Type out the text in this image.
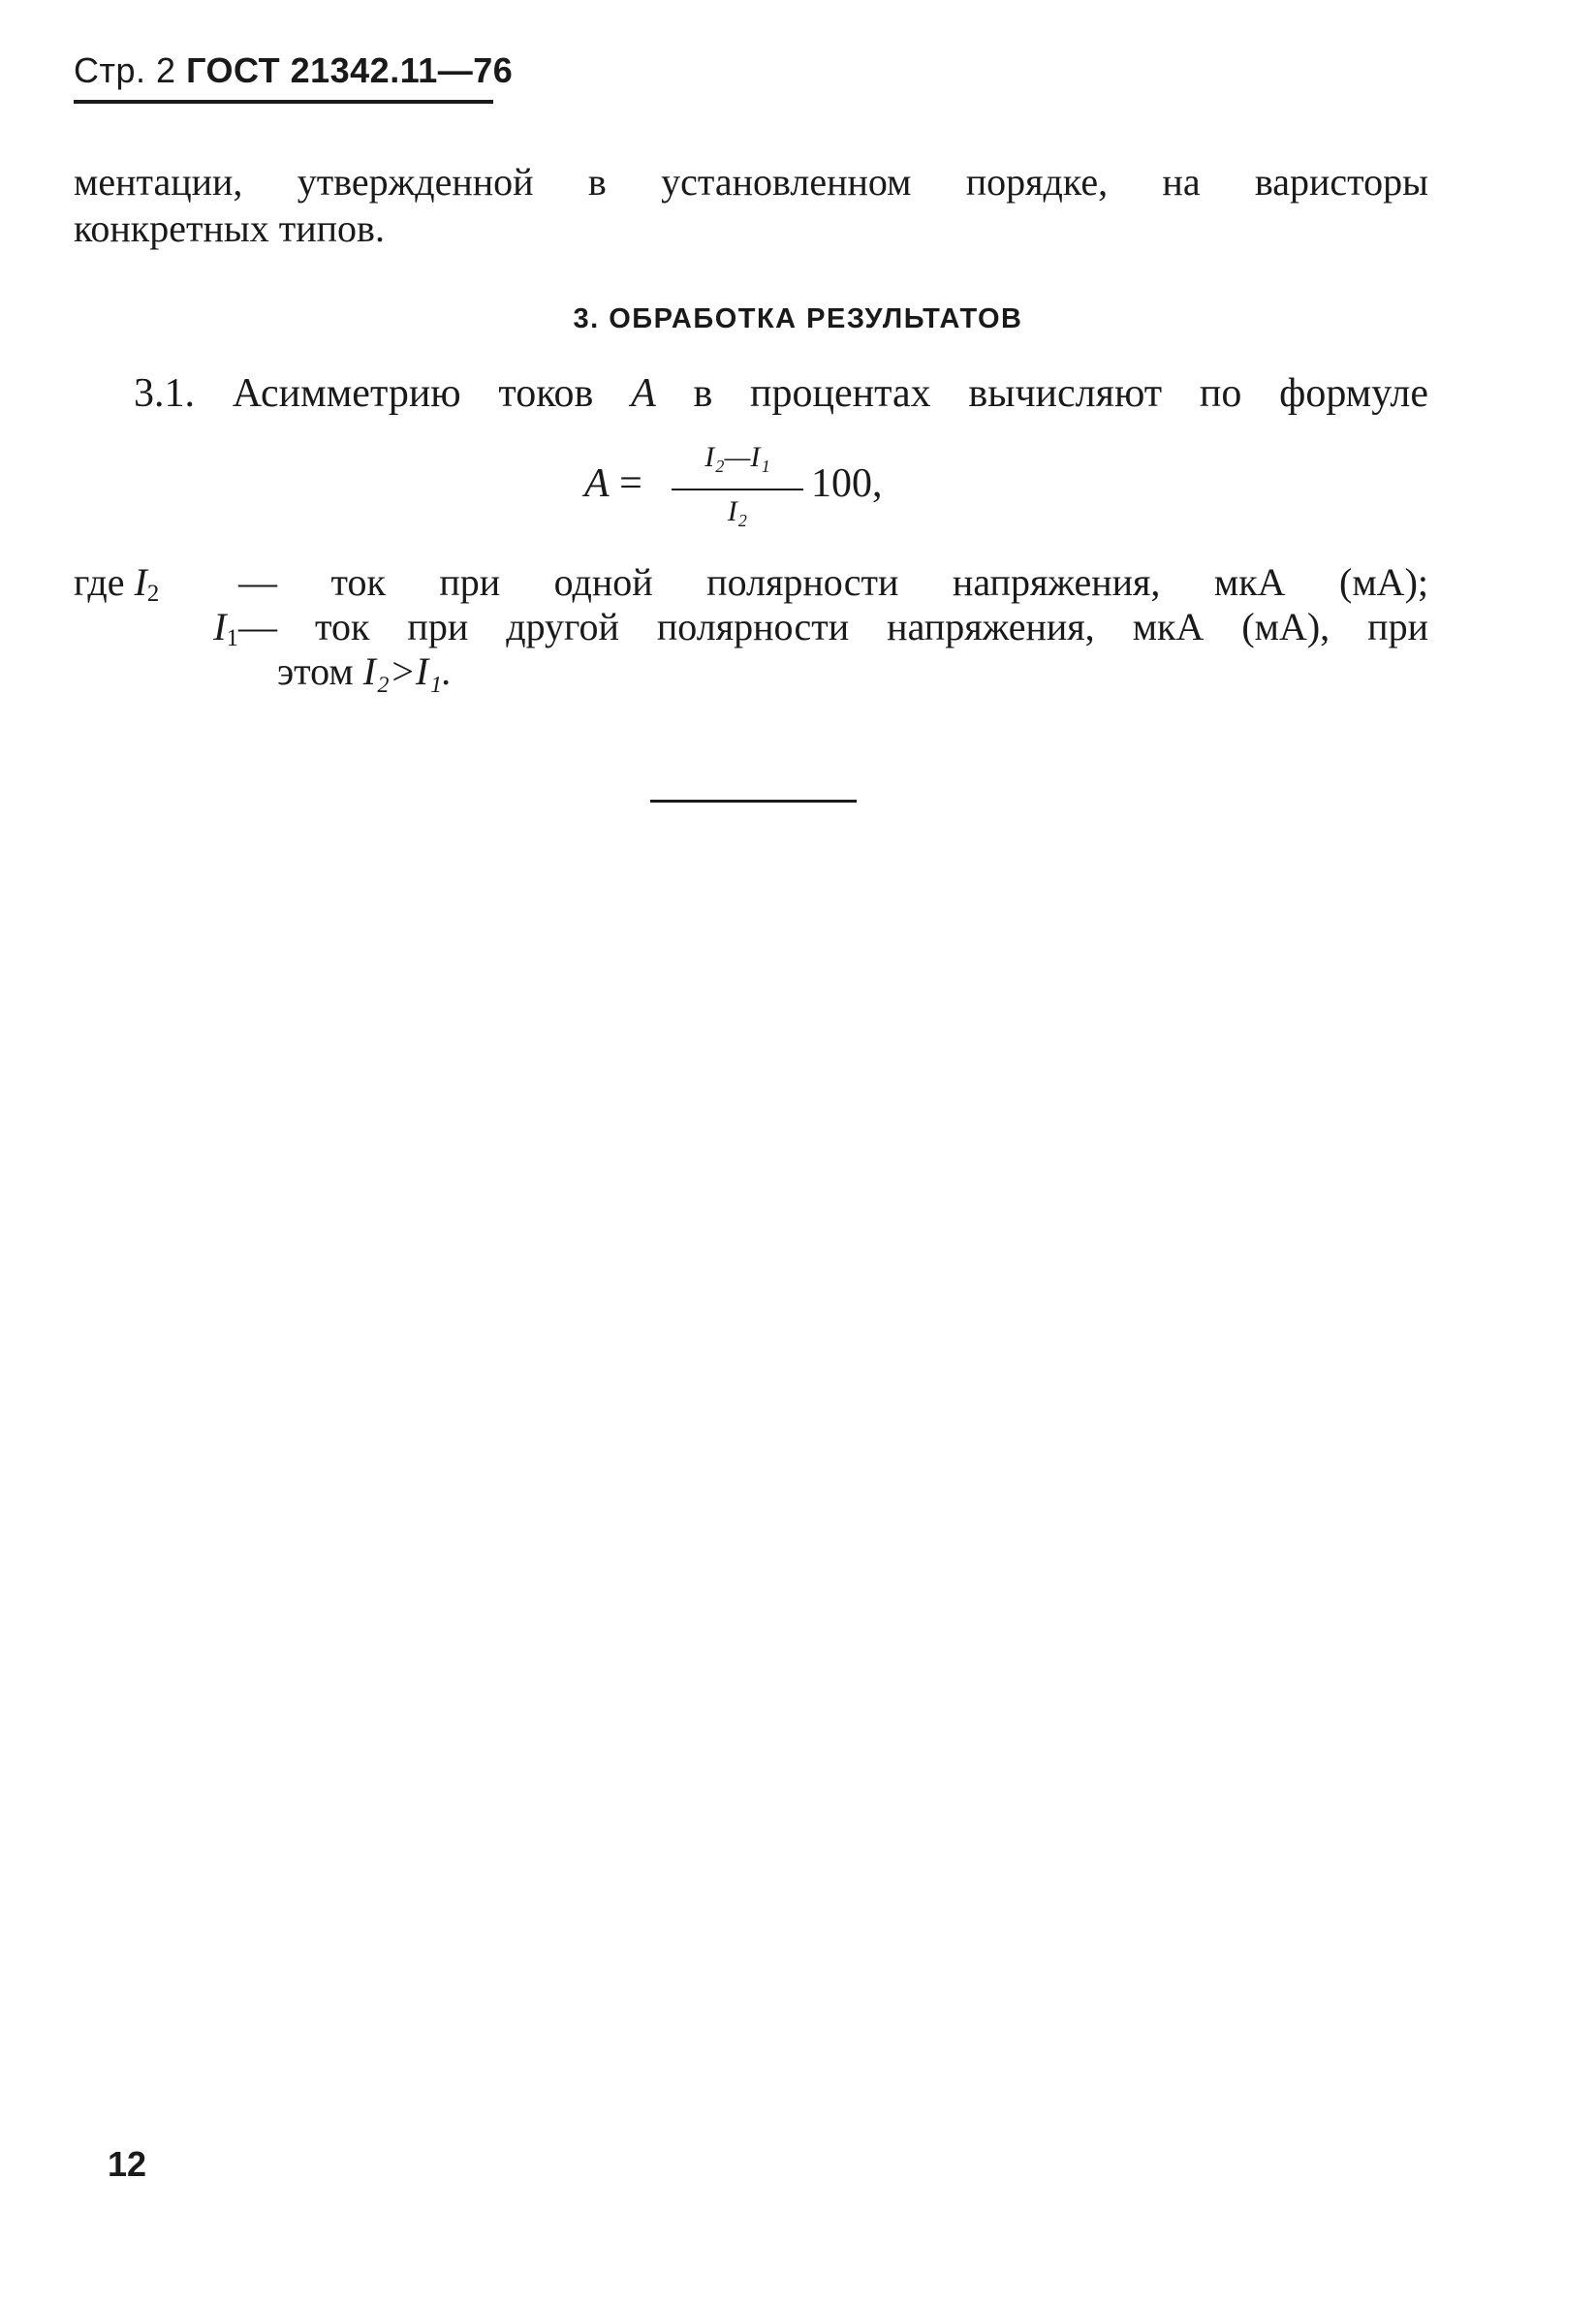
Стр. 2 ГОСТ 21342.11—76
ментации, утвержденной в установленном порядке, на варисторы
конкретных типов.
3. ОБРАБОТКА РЕЗУЛЬТАТОВ
3.1. Асимметрию токов A в процентах вычисляют по формуле
A =
I₂—I₁
I₂
100,
где $I_2$	— ток при одной полярности напряжения, мкА (мА);
$I_1$ — ток при другой полярности напряжения, мкА (мА), при
этом I₂>I₁.
12
